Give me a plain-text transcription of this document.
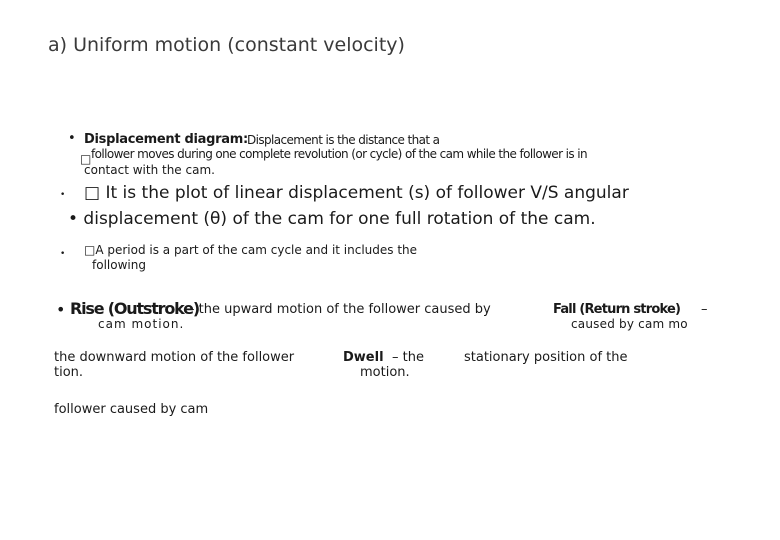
a) Uniform motion (constant velocity)
• Displacement diagram: Displacement is the distance that a
□ follower moves during one complete revolution (or cycle) of the cam while the follower is in
contact with the cam.
• □ It is the plot of linear displacement (s) of follower V/S angular
• displacement (θ) of the cam for one full rotation of the cam.
• □A period is a part of the cam cycle and it includes the
following
• Rise (Outstroke)
– the upward motion of the follower caused by	Fall (Return stroke) –
cam motion.	caused by cam mo
the downward motion of the follower	Dwell – the	stationary position of the
tion.	motion.
follower caused by cam
